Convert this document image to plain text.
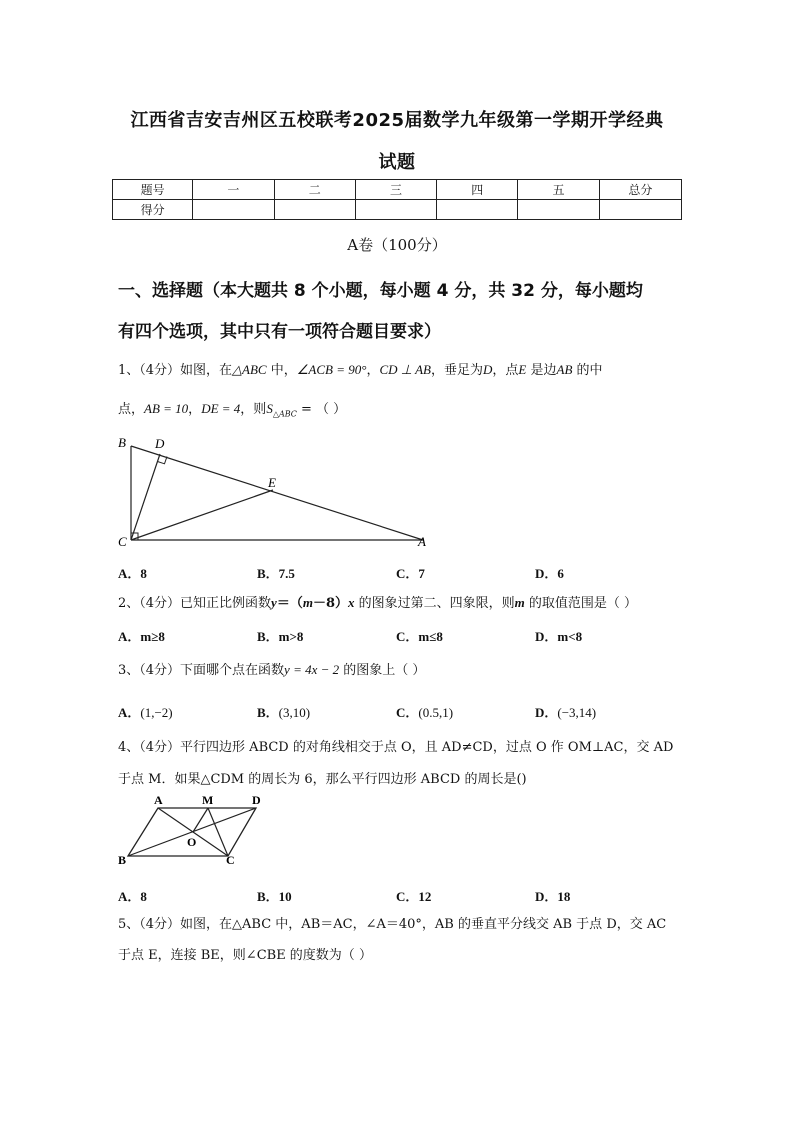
江西省吉安吉州区五校联考2025届数学九年级第一学期开学经典
试题
题号	一	二	三	四	五	总分
得分						
A卷（100分）
一、选择题（本大题共 8 个小题，每小题 4 分，共 32 分，每小题均
有四个选项，其中只有一项符合题目要求）
1、（4分）如图，在△ABC 中，∠ACB = 90°，CD ⊥ AB，垂足为D，点E 是边AB 的中
点，AB = 10，DE = 4，则$S_{\triangle ABC}$ = （ ）
B D
E
C	A
A．8	B．7.5	C．7	D．6
2、（4分）已知正比例函数y＝（m－8）x 的图象过第二、四象限，则m 的取值范围是（ ）
A．m≥8	B．m>8	C．m≤8	D．m<8
3、（4分）下面哪个点在函数y = 4x − 2 的图象上（ ）
A．(1,−2)	B．(3,10)	C．(0.5,1)	D．(−3,14)
4、（4分）平行四边形 ABCD 的对角线相交于点 O，且 AD≠CD，过点 O 作 OM⊥AC，交 AD
于点 M．如果△CDM 的周长为 6，那么平行四边形 ABCD 的周长是()
A	M	D
O
B	C
A．8	B．10	C．12	D．18
5、（4分）如图，在△ABC 中，AB＝AC，∠A＝40°，AB 的垂直平分线交 AB 于点 D，交 AC
于点 E，连接 BE，则∠CBE 的度数为（ ）
